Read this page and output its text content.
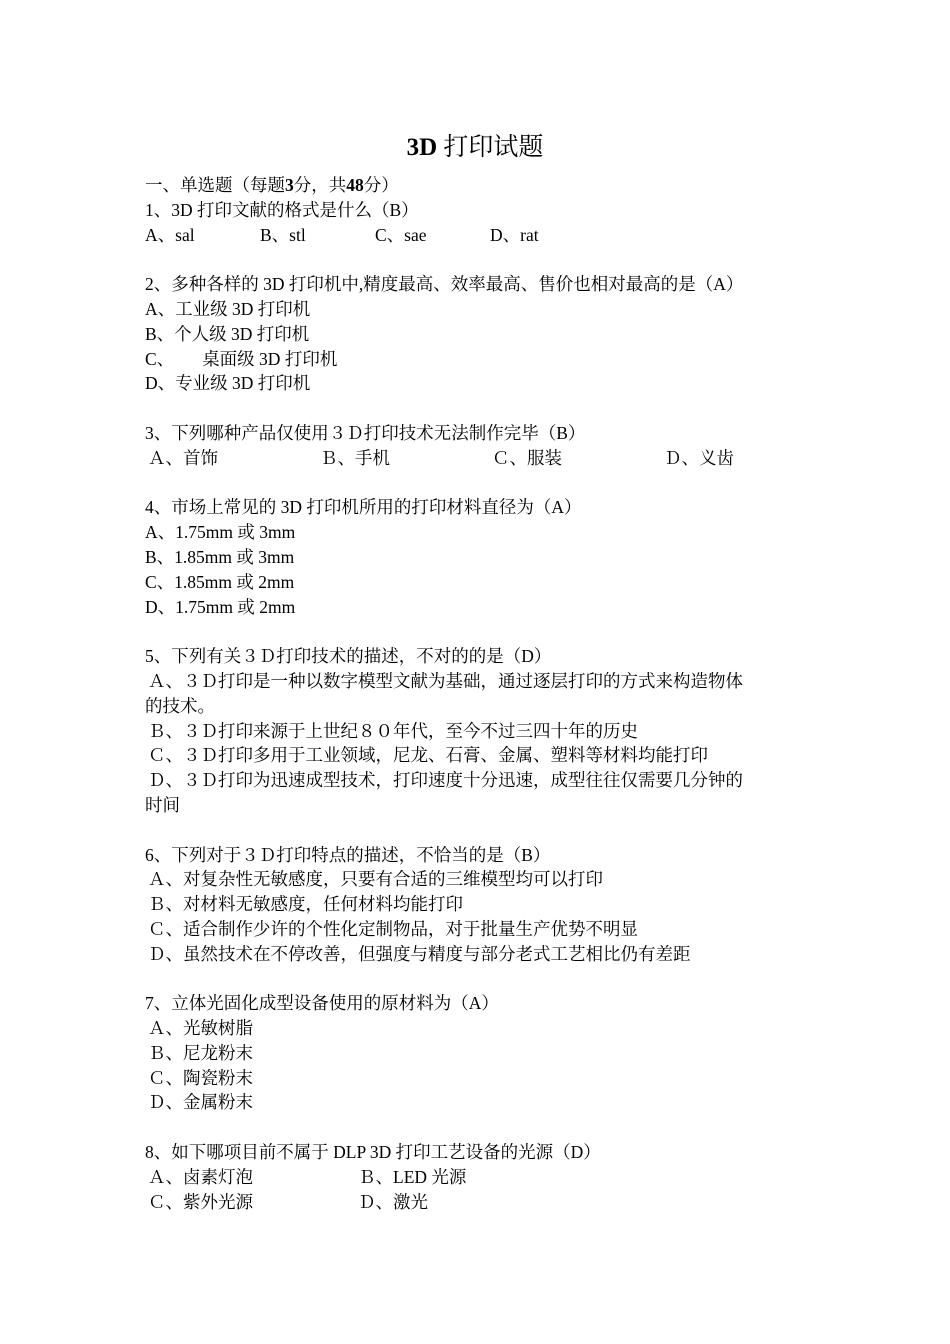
3D 打印试题
一、单选题（每题3分，共48分）
1、3D 打印文献的格式是什么（B）
A、sal	B、stl	C、sae	D、rat
2、多种各样的 3D 打印机中,精度最高、效率最高、售价也相对最高的是（A）
A、工业级 3D 打印机
B、个人级 3D 打印机
C、 桌面级 3D 打印机
D、专业级 3D 打印机
3、下列哪种产品仅使用３Ｄ打印技术无法制作完毕（B）
Ａ、首饰	Ｂ、手机	Ｃ、服装	Ｄ、义齿
4、市场上常见的 3D 打印机所用的打印材料直径为（A）
A、1.75mm 或 3mm
B、1.85mm 或 3mm
C、1.85mm 或 2mm
D、1.75mm 或 2mm
5、下列有关３Ｄ打印技术的描述，不对的的是（D）
Ａ、３Ｄ打印是一种以数字模型文献为基础，通过逐层打印的方式来构造物体
的技术。
Ｂ、３Ｄ打印来源于上世纪８０年代，至今不过三四十年的历史
Ｃ、３Ｄ打印多用于工业领域，尼龙、石膏、金属、塑料等材料均能打印
Ｄ、３Ｄ打印为迅速成型技术，打印速度十分迅速，成型往往仅需要几分钟的
时间
6、下列对于３Ｄ打印特点的描述，不恰当的是（B）
Ａ、对复杂性无敏感度，只要有合适的三维模型均可以打印
Ｂ、对材料无敏感度，任何材料均能打印
Ｃ、适合制作少许的个性化定制物品，对于批量生产优势不明显
Ｄ、虽然技术在不停改善，但强度与精度与部分老式工艺相比仍有差距
7、立体光固化成型设备使用的原材料为（A）
Ａ、光敏树脂
Ｂ、尼龙粉末
Ｃ、陶瓷粉末
Ｄ、金属粉末
8、如下哪项目前不属于 DLP 3D 打印工艺设备的光源（D）
Ａ、卤素灯泡	Ｂ、LED 光源
Ｃ、紫外光源	Ｄ、激光
